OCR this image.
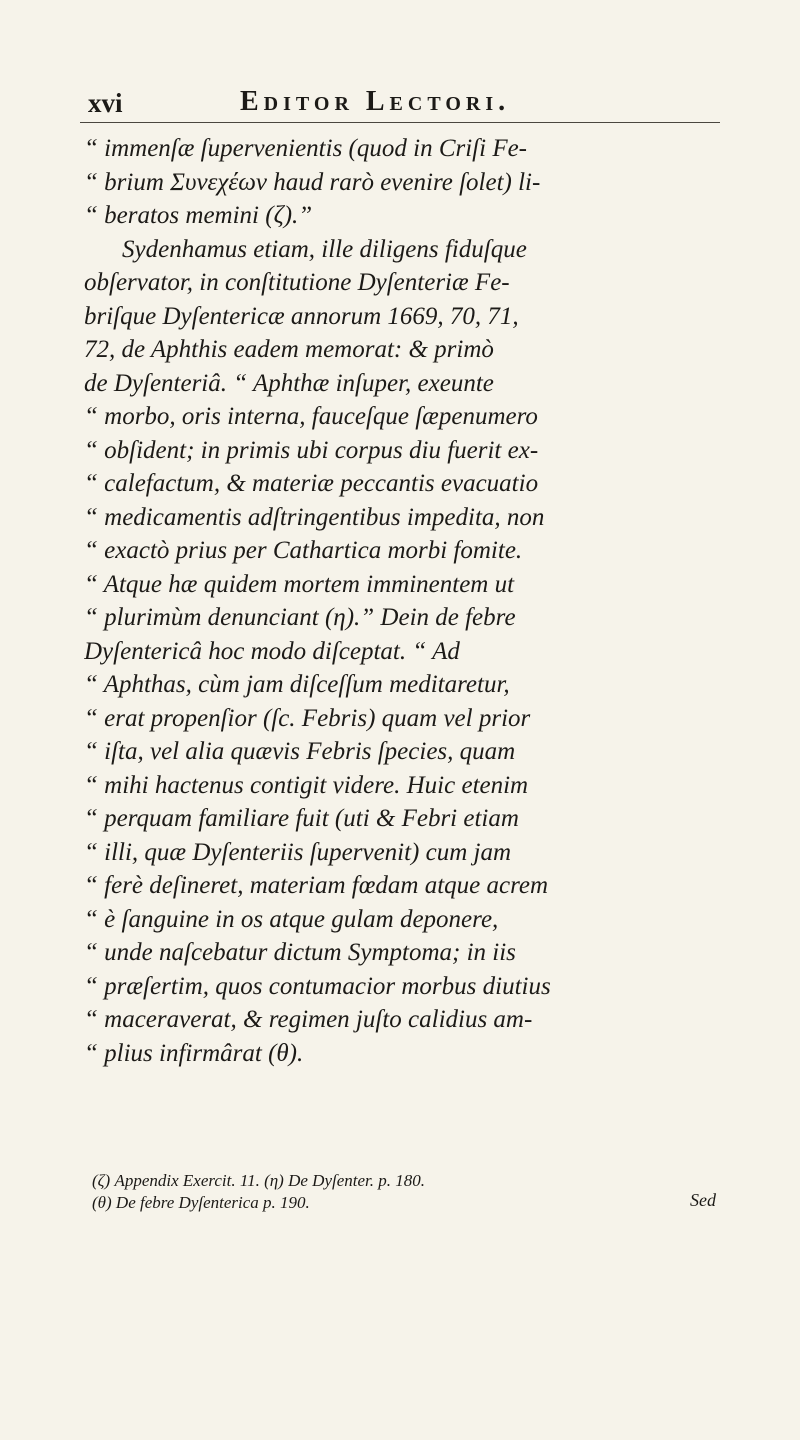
xvi	Editor Lectori.
“ immenſæ ſupervenientis (quod in Criſi Fe-
“ brium Συνεχέων haud rarò evenire ſolet) li-
“ beratos memini (ζ).”
Sydenhamus etiam, ille diligens fiduſque
obſervator, in conſtitutione Dyſenteriæ Fe-
briſque Dyſentericæ annorum 1669, 70, 71,
72, de Aphthis eadem memorat: & primò
de Dyſenteriâ. “ Aphthæ inſuper, exeunte
“ morbo, oris interna, fauceſque ſæpenumero
“ obſident; in primis ubi corpus diu fuerit ex-
“ calefactum, & materiæ peccantis evacuatio
“ medicamentis adſtringentibus impedita, non
“ exactò prius per Cathartica morbi fomite.
“ Atque hæ quidem mortem imminentem ut
“ plurimùm denunciant (η).” Dein de febre
Dyſentericâ hoc modo diſceptat. “ Ad
“ Aphthas, cùm jam diſceſſum meditaretur,
“ erat propenſior (ſc. Febris) quam vel prior
“ iſta, vel alia quævis Febris ſpecies, quam
“ mihi hactenus contigit videre. Huic etenim
“ perquam familiare fuit (uti & Febri etiam
“ illi, quæ Dyſenteriis ſupervenit) cum jam
“ ferè deſineret, materiam fœdam atque acrem
“ è ſanguine in os atque gulam deponere,
“ unde naſcebatur dictum Symptoma; in iis
“ præſertim, quos contumacior morbus diutius
“ maceraverat, & regimen juſto calidius am-
“ plius infirmârat (θ).
(ζ) Appendix Exercit. 11. (η) De Dyſenter. p. 180.
(θ) De febre Dyſenterica p. 190.	Sed
